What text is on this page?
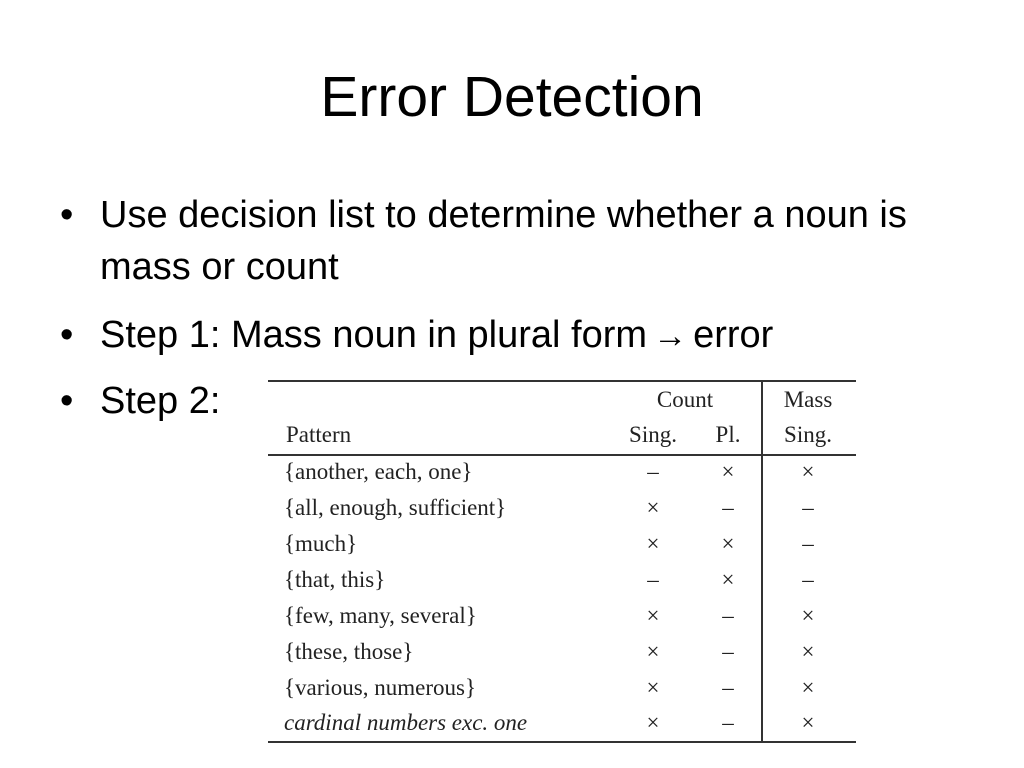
Error Detection
• Use decision list to determine whether a noun is mass or count
• Step 1: Mass noun in plural form → error
• Step 2:	Count	Mass
Pattern	Sing.	Pl.	Sing.
{another, each, one}	–	×	×
{all, enough, sufficient}	×	–	–
{much}	×	×	–
{that, this}	–	×	–
{few, many, several}	×	–	×
{these, those}	×	–	×
{various, numerous}	×	–	×
cardinal numbers exc. one	×	–	×
